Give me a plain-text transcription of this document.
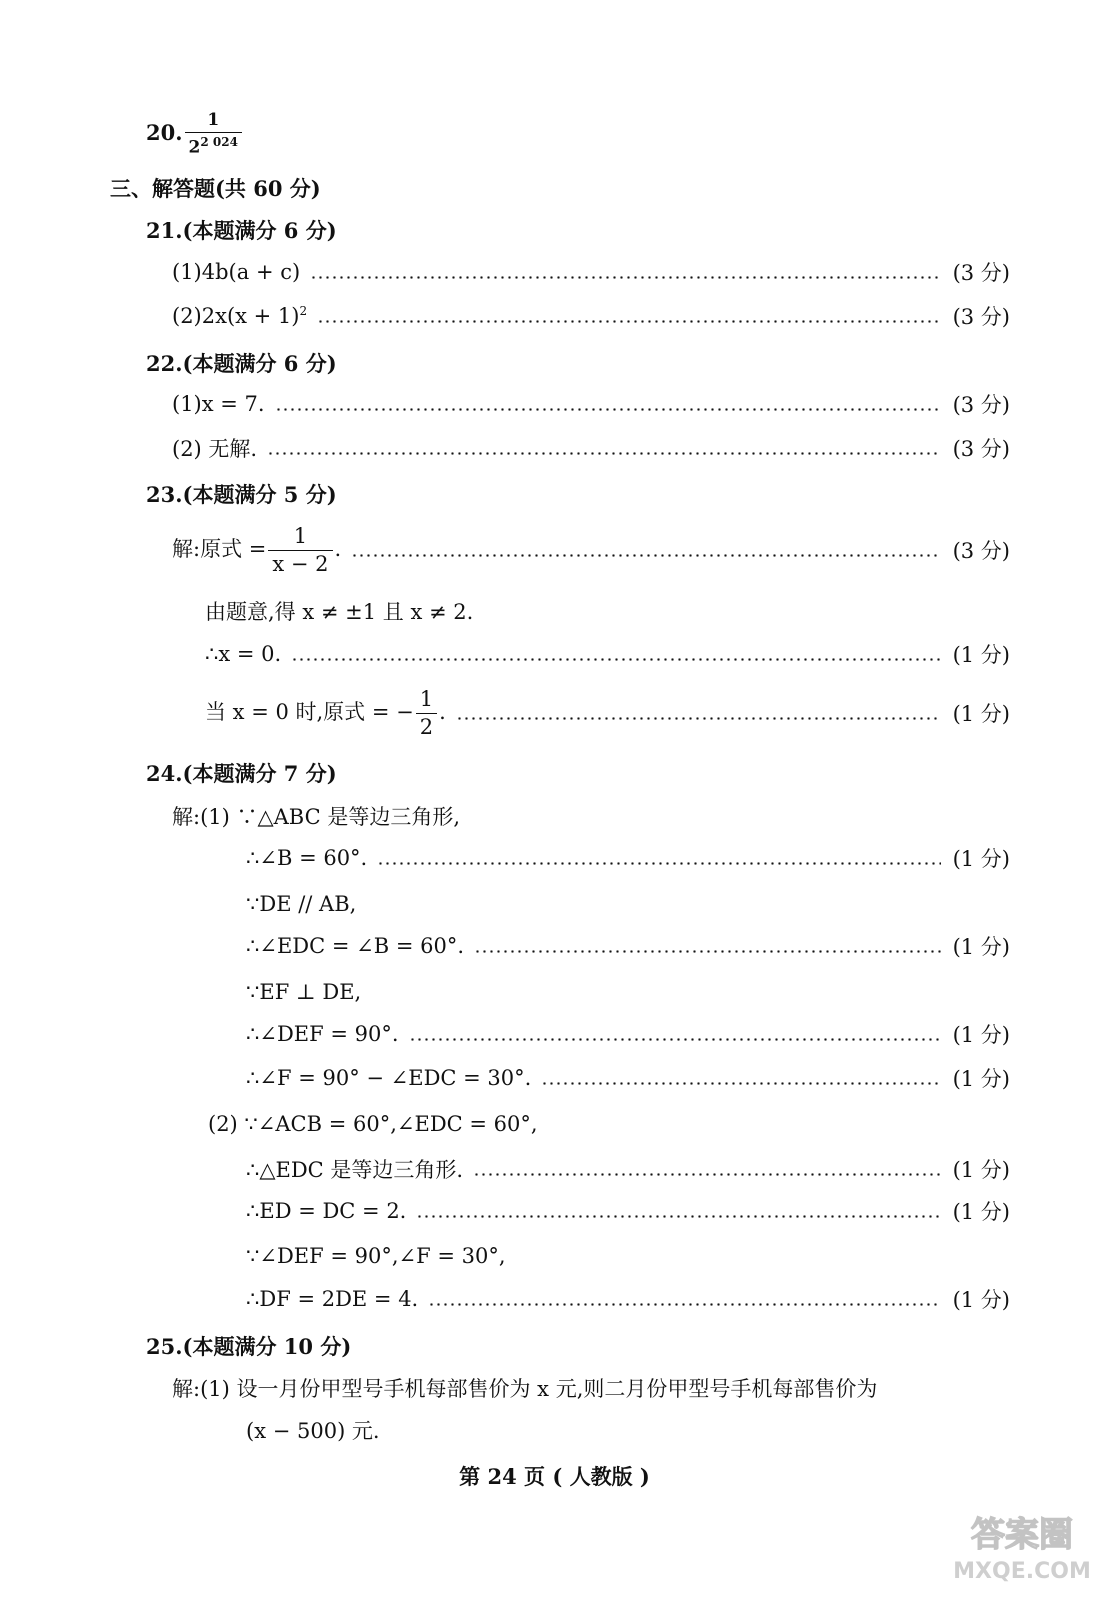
20. $\frac{1}{2^{2 024}}$
三、解答题(共 60 分)
21.(本题满分 6 分)
(1)4b(a + c)	(3 分)
$(2)2x(x + 1)^2$	(3 分)
22.(本题满分 6 分)
(1)x = 7.	(3 分)
(2) 无解.	(3 分)
23.(本题满分 5 分)
解:原式 = $\frac{1}{x - 2}$ .	(3 分)
由题意,得 x ≠ ±1 且 x ≠ 2.
∴x = 0.	(1 分)
当 x = 0 时,原式 = − $\frac{1}{2}$ .	(1 分)
24.(本题满分 7 分)
解:(1) ∵△ABC 是等边三角形,
∴∠B = 60°.	(1 分)
∵DE // AB,
∴∠EDC = ∠B = 60°.	(1 分)
∵EF ⊥ DE,
∴∠DEF = 90°.	(1 分)
∴∠F = 90° − ∠EDC = 30°.	(1 分)
(2) ∵∠ACB = 60°,∠EDC = 60°,
∴△EDC 是等边三角形.	(1 分)
∴ED = DC = 2.	(1 分)
∵∠DEF = 90°,∠F = 30°,
∴DF = 2DE = 4.	(1 分)
25.(本题满分 10 分)
解:(1) 设一月份甲型号手机每部售价为 x 元,则二月份甲型号手机每部售价为
(x − 500) 元.
第 24 页 ( 人教版 )
答案圈
MXQE.COM
